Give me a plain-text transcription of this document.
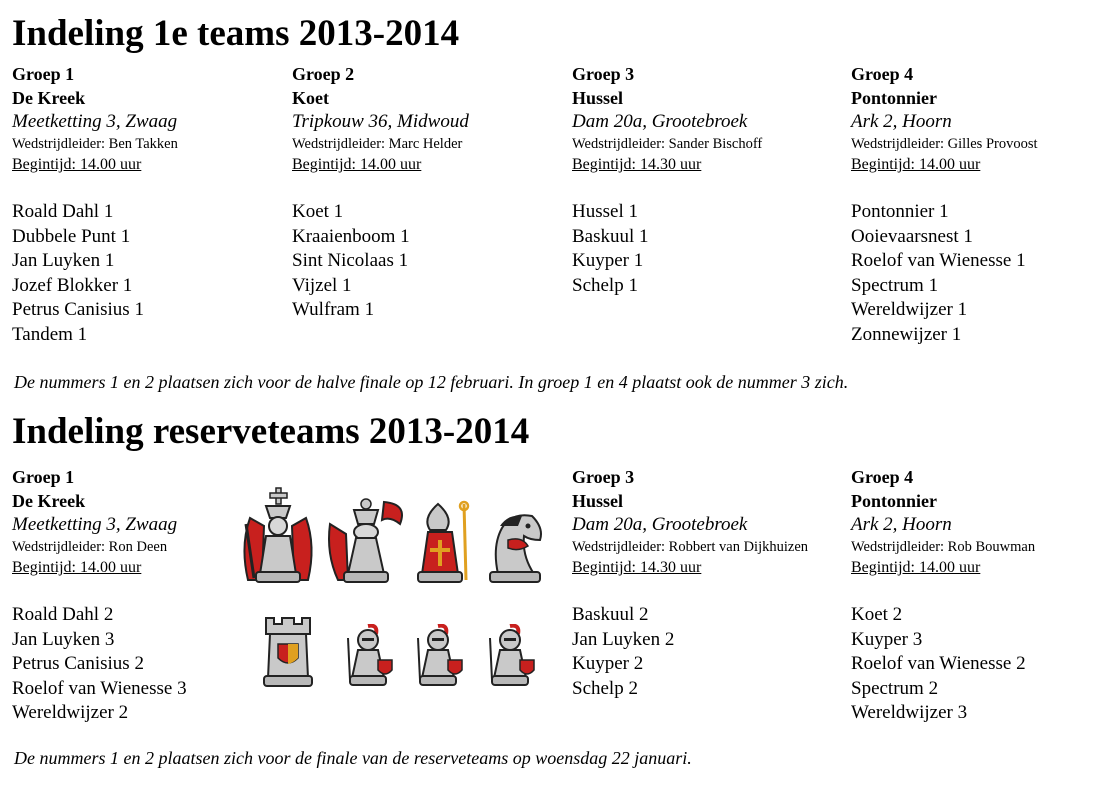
Indeling 1e teams 2013-2014
Groep 1
De Kreek
Meetketting 3, Zwaag
Wedstrijdleider: Ben Takken
Begintijd: 14.00 uur
Roald Dahl 1
Dubbele Punt 1
Jan Luyken 1
Jozef Blokker 1
Petrus Canisius 1
Tandem 1
Groep 2
Koet
Tripkouw 36, Midwoud
Wedstrijdleider: Marc Helder
Begintijd: 14.00 uur
Koet 1
Kraaienboom 1
Sint Nicolaas 1
Vijzel 1
Wulfram 1
Groep 3
Hussel
Dam 20a, Grootebroek
Wedstrijdleider: Sander Bischoff
Begintijd: 14.30 uur
Hussel 1
Baskuul 1
Kuyper 1
Schelp 1
Groep 4
Pontonnier
Ark 2, Hoorn
Wedstrijdleider: Gilles Provoost
Begintijd: 14.00 uur
Pontonnier 1
Ooievaarsnest 1
Roelof van Wienesse 1
Spectrum 1
Wereldwijzer 1
Zonnewijzer 1
De nummers 1 en 2 plaatsen zich voor de halve finale op 12 februari. In groep 1 en 4 plaatst ook de nummer 3 zich.
Indeling reserveteams 2013-2014
Groep 1
De Kreek
Meetketting 3, Zwaag
Wedstrijdleider: Ron Deen
Begintijd: 14.00 uur
Roald Dahl 2
Jan Luyken 3
Petrus Canisius 2
Roelof van Wienesse 3
Wereldwijzer 2
Groep 3
Hussel
Dam 20a, Grootebroek
Wedstrijdleider: Robbert van Dijkhuizen
Begintijd: 14.30 uur
Baskuul 2
Jan Luyken 2
Kuyper 2
Schelp 2
Groep 4
Pontonnier
Ark 2, Hoorn
Wedstrijdleider: Rob Bouwman
Begintijd: 14.00 uur
Koet 2
Kuyper 3
Roelof van Wienesse 2
Spectrum 2
Wereldwijzer 3
De nummers 1 en 2 plaatsen zich voor de finale van de reserveteams op woensdag 22 januari.
